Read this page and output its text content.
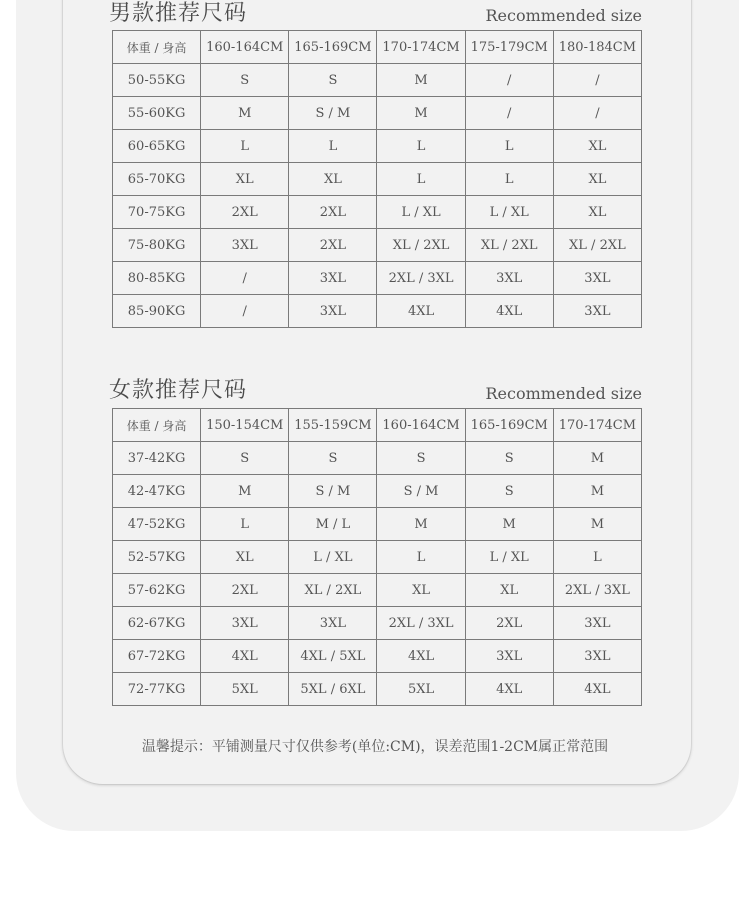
男款推荐尺码	Recommended size

体重 / 身高	160-164CM	165-169CM	170-174CM	175-179CM	180-184CM
50-55KG	S	S	M	/	/
55-60KG	M	S / M	M	/	/
60-65KG	L	L	L	L	XL
65-70KG	XL	XL	L	L	XL
70-75KG	2XL	2XL	L / XL	L / XL	XL
75-80KG	3XL	2XL	XL / 2XL	XL / 2XL	XL / 2XL
80-85KG	/	3XL	2XL / 3XL	3XL	3XL
85-90KG	/	3XL	4XL	4XL	3XL
女款推荐尺码	Recommended size

体重 / 身高	150-154CM	155-159CM	160-164CM	165-169CM	170-174CM
37-42KG	S	S	S	S	M
42-47KG	M	S / M	S / M	S	M
47-52KG	L	M / L	M	M	M
52-57KG	XL	L / XL	L	L / XL	L
57-62KG	2XL	XL / 2XL	XL	XL	2XL / 3XL
62-67KG	3XL	3XL	2XL / 3XL	2XL	3XL
67-72KG	4XL	4XL / 5XL	4XL	3XL	3XL
72-77KG	5XL	5XL / 6XL	5XL	4XL	4XL

温馨提示：平铺测量尺寸仅供参考(单位:CM)，误差范围1-2CM属正常范围
